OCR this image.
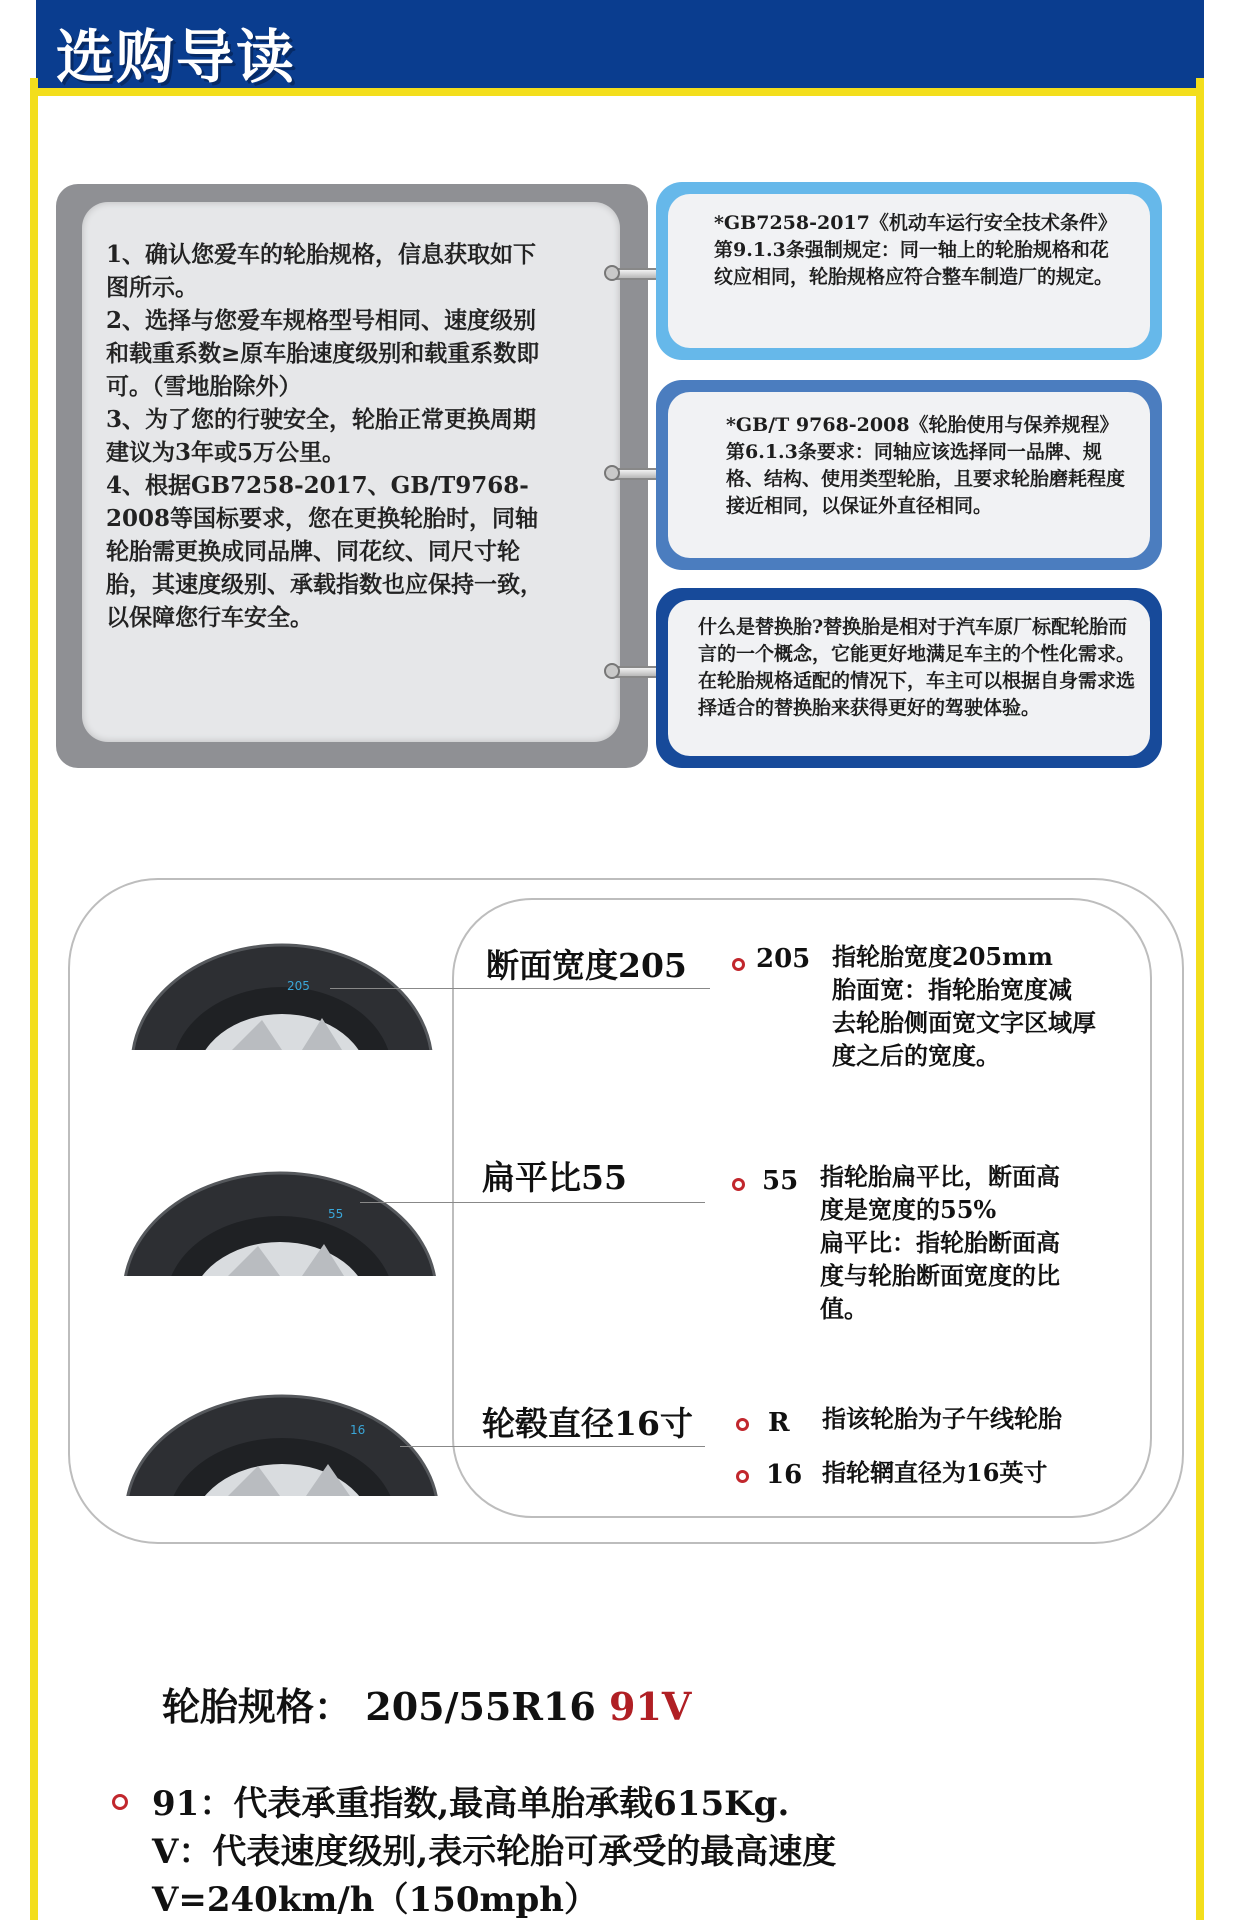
选购导读

1、确认您爱车的轮胎规格，信息获取如下图所示。

2、选择与您爱车规格型号相同、速度级别和载重系数≥原车胎速度级别和载重系数即可。（雪地胎除外）

3、为了您的行驶安全，轮胎正常更换周期建议为3年或5万公里。

4、根据GB7258-2017、GB/T9768-2008等国标要求，您在更换轮胎时，同轴轮胎需更换成同品牌、同花纹、同尺寸轮胎，其速度级别、承载指数也应保持一致，以保障您行车安全。

*GB7258-2017《机动车运行安全技术条件》第9.1.3条强制规定：同一轴上的轮胎规格和花纹应相同，轮胎规格应符合整车制造厂的规定。
*GB/T 9768-2008《轮胎使用与保养规程》第6.1.3条要求：同轴应该选择同一品牌、规格、结构、使用类型轮胎，且要求轮胎磨耗程度接近相同，以保证外直径相同。
什么是替换胎?替换胎是相对于汽车原厂标配轮胎而言的一个概念，它能更好地满足车主的个性化需求。在轮胎规格适配的情况下，车主可以根据自身需求选择适合的替换胎来获得更好的驾驶体验。
205
断面宽度205	205 指轮胎宽度205mm
胎面宽：指轮胎宽度减
去轮胎侧面宽文字区域厚
度之后的宽度。
55
扁平比55	55 指轮胎扁平比，断面高
度是宽度的55%
扁平比：指轮胎断面高
度与轮胎断面宽度的比
值。
16	轮毂直径16寸	R 指该轮胎为子午线轮胎
16 指轮辋直径为16英寸
轮胎规格： 205/55R16 91V
91：代表承重指数,最高单胎承载615Kg.
V：代表速度级别,表示轮胎可承受的最高速度
V=240km/h（150mph）
